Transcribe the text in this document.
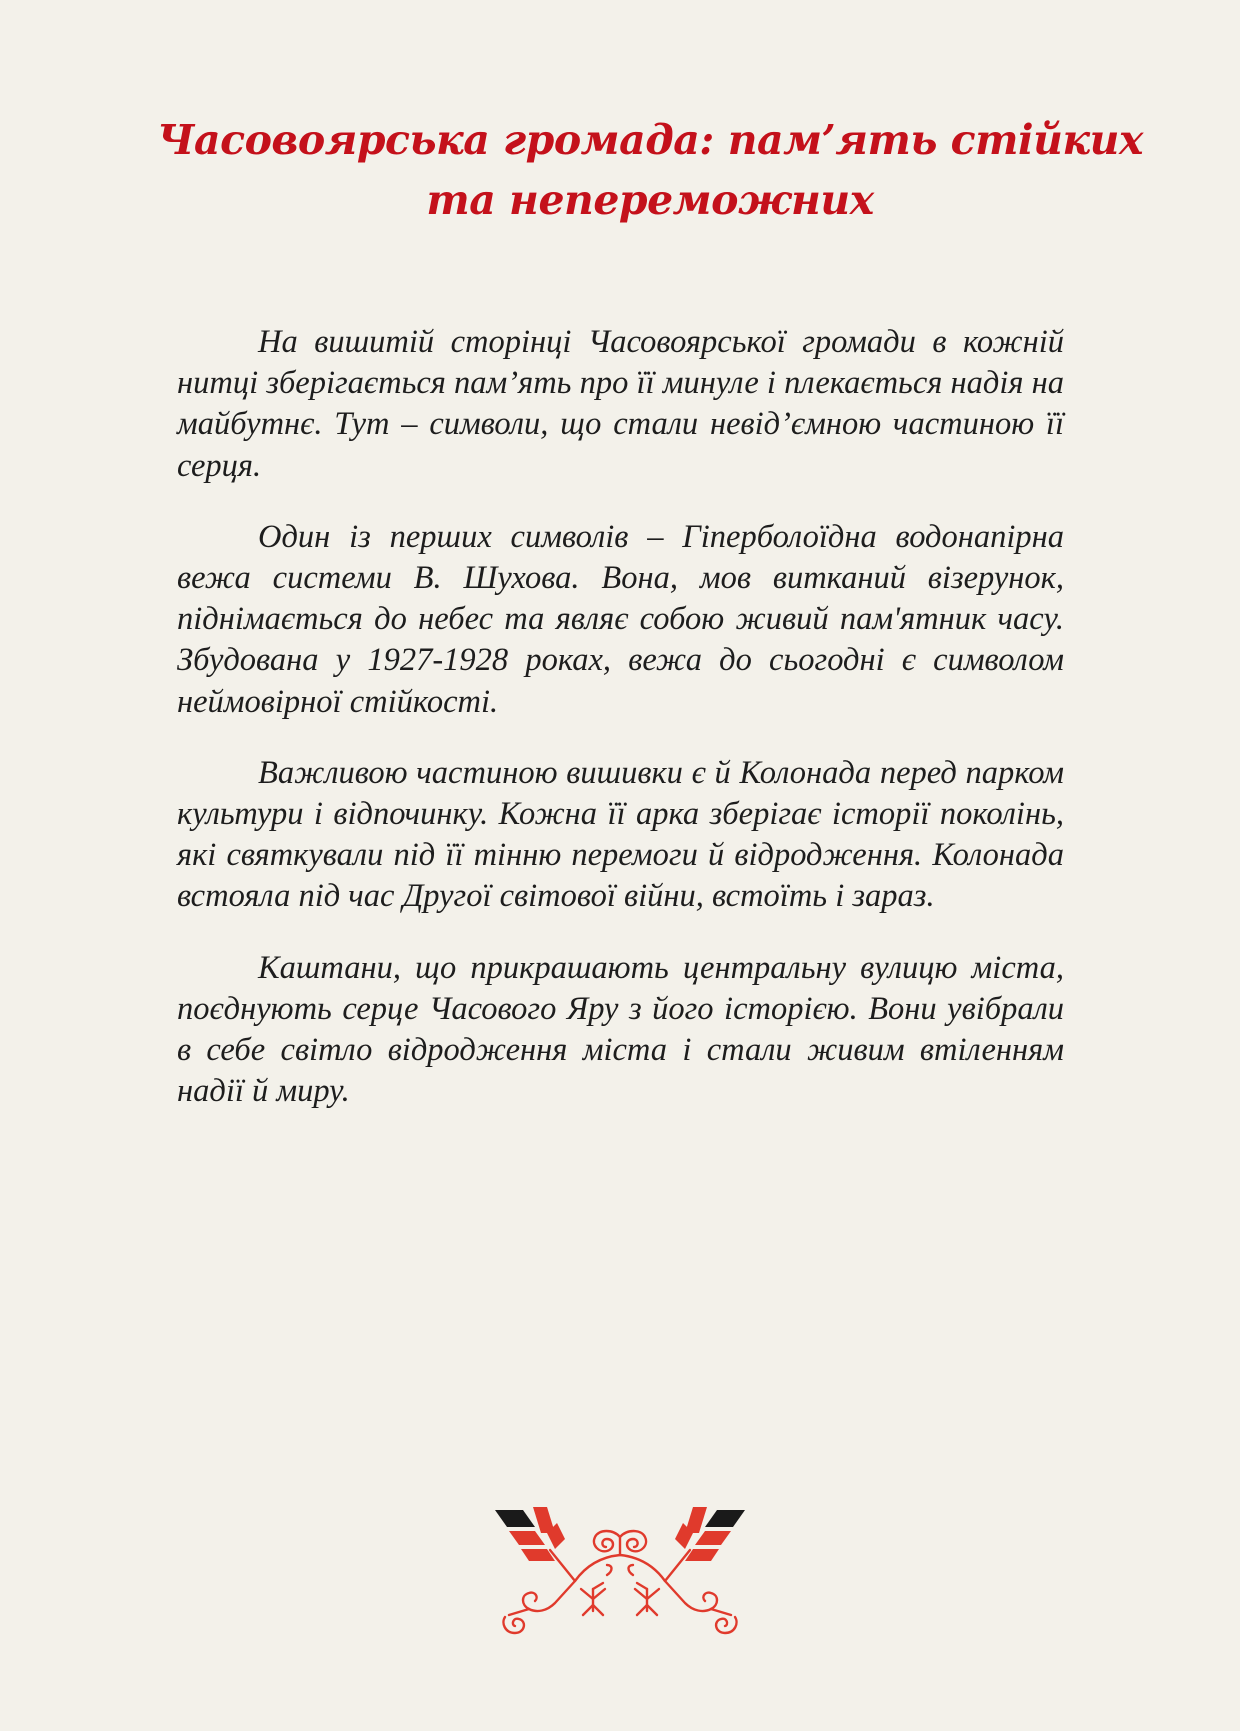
Часовоярська громада: пам’ять стійких
та непереможних

На вишитій сторінці Часовоярської громади в кожній нитці зберігається пам’ять про її минуле і плекається надія на майбутнє. Тут – символи, що стали невід’ємною частиною її серця.

Один із перших символів – Гіперболоїдна водонапірна вежа системи В. Шухова. Вона, мов витканий візерунок, піднімається до небес та являє собою живий пам'ятник часу. Збудована у 1927-1928 роках, вежа до сьогодні є символом неймовірної стійкості.

Важливою частиною вишивки є й Колонада перед парком культури і відпочинку. Кожна її арка зберігає історії поколінь, які святкували під її тінню перемоги й відродження. Колонада встояла під час Другої світової війни, встоїть і зараз.

Каштани, що прикрашають центральну вулицю міста, поєднують серце Часового Яру з його історією. Вони увібрали в себе світло відродження міста і стали живим втіленням надії й миру.
